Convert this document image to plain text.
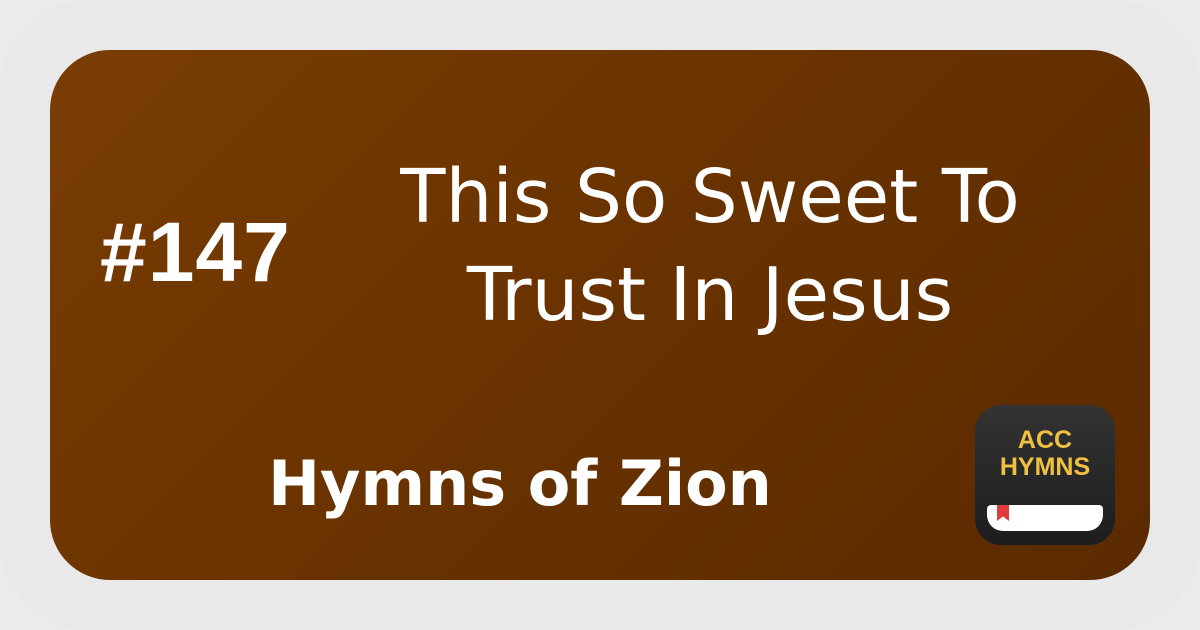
#147
This So Sweet To
Trust In Jesus
Hymns of Zion
ACC
HYMNS
